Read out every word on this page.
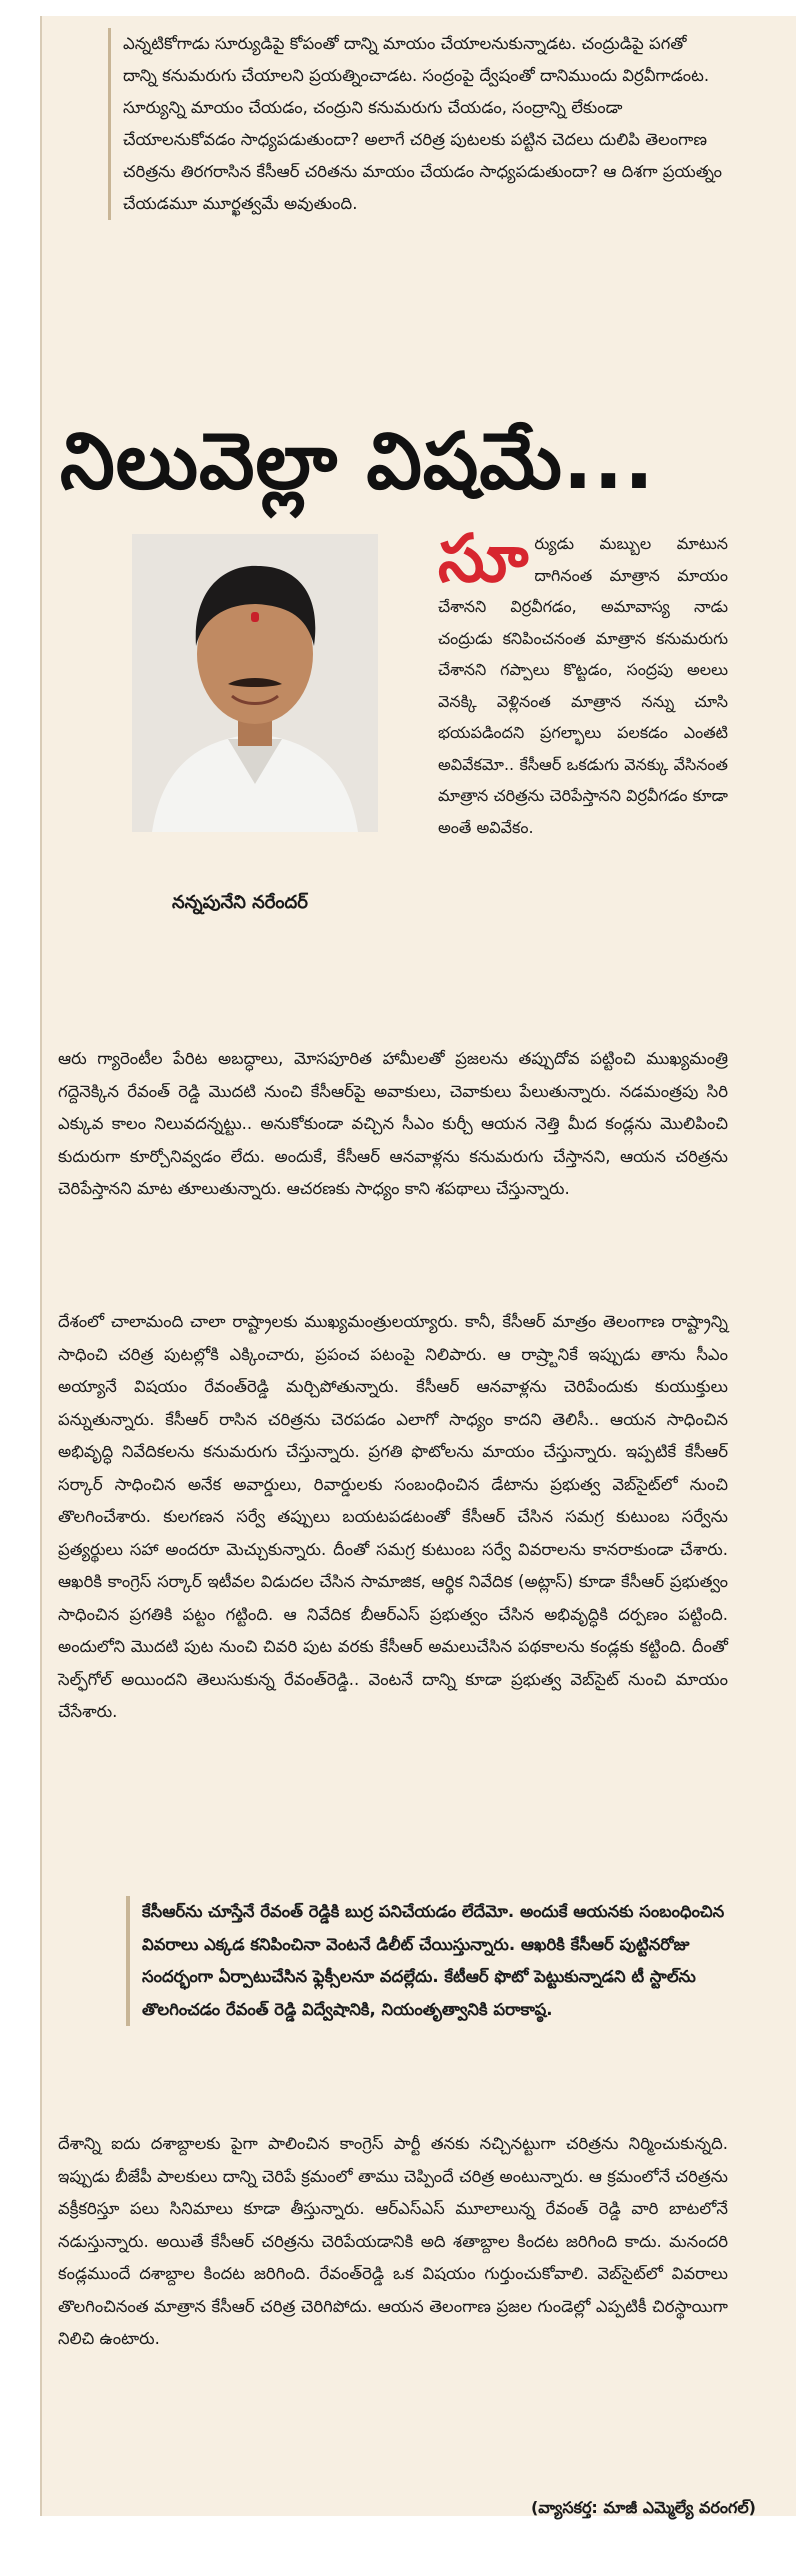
ఎన్నటికోగాడు సూర్యుడిపై కోపంతో దాన్ని మాయం చేయాలనుకున్నాడట. చంద్రుడిపై పగతో దాన్ని కనుమరుగు చేయాలని ప్రయత్నించాడట. సంద్రంపై ద్వేషంతో దానిముందు విర్రవీగాడంట. సూర్యున్ని మాయం చేయడం, చంద్రుని కనుమరుగు చేయడం, సంద్రాన్ని లేకుండా చేయాలనుకోవడం సాధ్యపడుతుందా? అలాగే చరిత్ర పుటలకు పట్టిన చెదలు దులిపి తెలంగాణ చరిత్రను తిరగరాసిన కేసీఆర్ చరితను మాయం చేయడం సాధ్యపడుతుందా? ఆ దిశగా ప్రయత్నం చేయడమూ మూర్ఖత్వమే అవుతుంది.

నిలువెల్లా విషమే...
నన్నపునేని నరేందర్
సూ ర్యుడు మబ్బుల మాటున దాగినంత మాత్రాన మాయం చేశానని విర్రవీగడం, అమావాస్య నాడు చంద్రుడు కనిపించనంత మాత్రాన కనుమరుగు చేశానని గప్పాలు కొట్టడం, సంద్రపు అలలు వెనక్కి వెళ్లినంత మాత్రాన నన్ను చూసి భయపడిందని ప్రగల్భాలు పలకడం ఎంతటి అవివేకమో.. కేసీఆర్ ఒకడుగు వెనక్కు వేసినంత మాత్రాన చరిత్రను చెరిపేస్తానని విర్రవీగడం కూడా అంతే అవివేకం.
ఆరు గ్యారెంటీల పేరిట అబద్ధాలు, మోసపూరిత హామీలతో ప్రజలను తప్పుదోవ పట్టించి ముఖ్యమంత్రి గద్దెనెక్కిన రేవంత్ రెడ్డి మొదటి నుంచి కేసీఆర్‌పై అవాకులు, చెవాకులు పేలుతున్నారు. నడమంత్రపు సిరి ఎక్కువ కాలం నిలువదన్నట్టు.. అనుకోకుండా వచ్చిన సీఎం కుర్చీ ఆయన నెత్తి మీద కండ్లను మొలిపించి కుదురుగా కూర్చోనివ్వడం లేదు. అందుకే, కేసీఆర్ ఆనవాళ్లను కనుమరుగు చేస్తానని, ఆయన చరిత్రను చెరిపేస్తానని మాట తూలుతున్నారు. ఆచరణకు సాధ్యం కాని శపథాలు చేస్తున్నారు.

దేశంలో చాలామంది చాలా రాష్ట్రాలకు ముఖ్యమంత్రులయ్యారు. కానీ, కేసీఆర్ మాత్రం తెలంగాణ రాష్ట్రాన్ని సాధించి చరిత్ర పుటల్లోకి ఎక్కించారు, ప్రపంచ పటంపై నిలిపారు. ఆ రాష్ర్టానికే ఇప్పుడు తాను సీఎం అయ్యానే విషయం రేవంత్‌రెడ్డి మర్చిపోతున్నారు. కేసీఆర్ ఆనవాళ్లను చెరిపేందుకు కుయుక్తులు పన్నుతున్నారు. కేసీఆర్ రాసిన చరిత్రను చెరపడం ఎలాగో సాధ్యం కాదని తెలిసీ.. ఆయన సాధించిన అభివృద్ధి నివేదికలను కనుమరుగు చేస్తున్నారు. ప్రగతి ఫొటోలను మాయం చేస్తున్నారు. ఇప్పటికే కేసీఆర్ సర్కార్ సాధించిన అనేక అవార్డులు, రివార్డులకు సంబంధించిన డేటాను ప్రభుత్వ వెబ్‌సైట్‌లో నుంచి తొలగించేశారు. కులగణన సర్వే తప్పులు బయటపడటంతో కేసీఆర్ చేసిన సమగ్ర కుటుంబ సర్వేను ప్రత్యర్థులు సహా అందరూ మెచ్చుకున్నారు. దీంతో సమగ్ర కుటుంబ సర్వే వివరాలను కానరాకుండా చేశారు. ఆఖరికి కాంగ్రెస్ సర్కార్ ఇటీవల విడుదల చేసిన సామాజిక, ఆర్థిక నివేదిక (అట్లాస్) కూడా కేసీఆర్ ప్రభుత్వం సాధించిన ప్రగతికి పట్టం గట్టింది. ఆ నివేదిక బీఆర్ఎస్ ప్రభుత్వం చేసిన అభివృద్ధికి దర్పణం పట్టింది. అందులోని మొదటి పుట నుంచి చివరి పుట వరకు కేసీఆర్ అమలుచేసిన పథకాలను కండ్లకు కట్టింది. దీంతో సెల్ఫ్‌గోల్ అయిందని తెలుసుకున్న రేవంత్‌రెడ్డి.. వెంటనే దాన్ని కూడా ప్రభుత్వ వెబ్‌సైట్ నుంచి మాయం చేసేశారు.

కేసీఆర్‌ను చూస్తేనే రేవంత్ రెడ్డికి బుర్ర పనిచేయడం లేదేమో. అందుకే ఆయనకు సంబంధించిన వివరాలు ఎక్కడ కనిపించినా వెంటనే డిలీట్ చేయిస్తున్నారు. ఆఖరికి కేసీఆర్ పుట్టినరోజు సందర్భంగా ఏర్పాటుచేసిన ఫ్లెక్సీలనూ వదల్లేదు. కేటీఆర్ ఫొటో పెట్టుకున్నాడని టీ స్టాల్‌ను తొలగించడం రేవంత్ రెడ్డి విద్వేషానికి, నియంతృత్వానికి పరాకాష్ఠ.

దేశాన్ని ఐదు దశాబ్దాలకు పైగా పాలించిన కాంగ్రెస్ పార్టీ తనకు నచ్చినట్టుగా చరిత్రను నిర్మించుకున్నది. ఇప్పుడు బీజేపీ పాలకులు దాన్ని చెరిపే క్రమంలో తాము చెప్పిందే చరిత్ర అంటున్నారు. ఆ క్రమంలోనే చరిత్రను వక్రీకరిస్తూ పలు సినిమాలు కూడా తీస్తున్నారు. ఆర్ఎస్ఎస్ మూలాలున్న రేవంత్ రెడ్డి వారి బాటలోనే నడుస్తున్నారు. అయితే కేసీఆర్ చరిత్రను చెరిపేయడానికి అది శతాబ్దాల కిందట జరిగింది కాదు. మనందరి కండ్లముందే దశాబ్దాల కిందట జరిగింది. రేవంత్‌రెడ్డి ఒక విషయం గుర్తుంచుకోవాలి. వెబ్‌సైట్‌లో వివరాలు తొలగించినంత మాత్రాన కేసీఆర్ చరిత్ర చెరిగిపోదు. ఆయన తెలంగాణ ప్రజల గుండెల్లో ఎప్పటికీ చిరస్థాయిగా నిలిచి ఉంటారు.

(వ్యాసకర్త: మాజీ ఎమ్మెల్యే వరంగల్)
